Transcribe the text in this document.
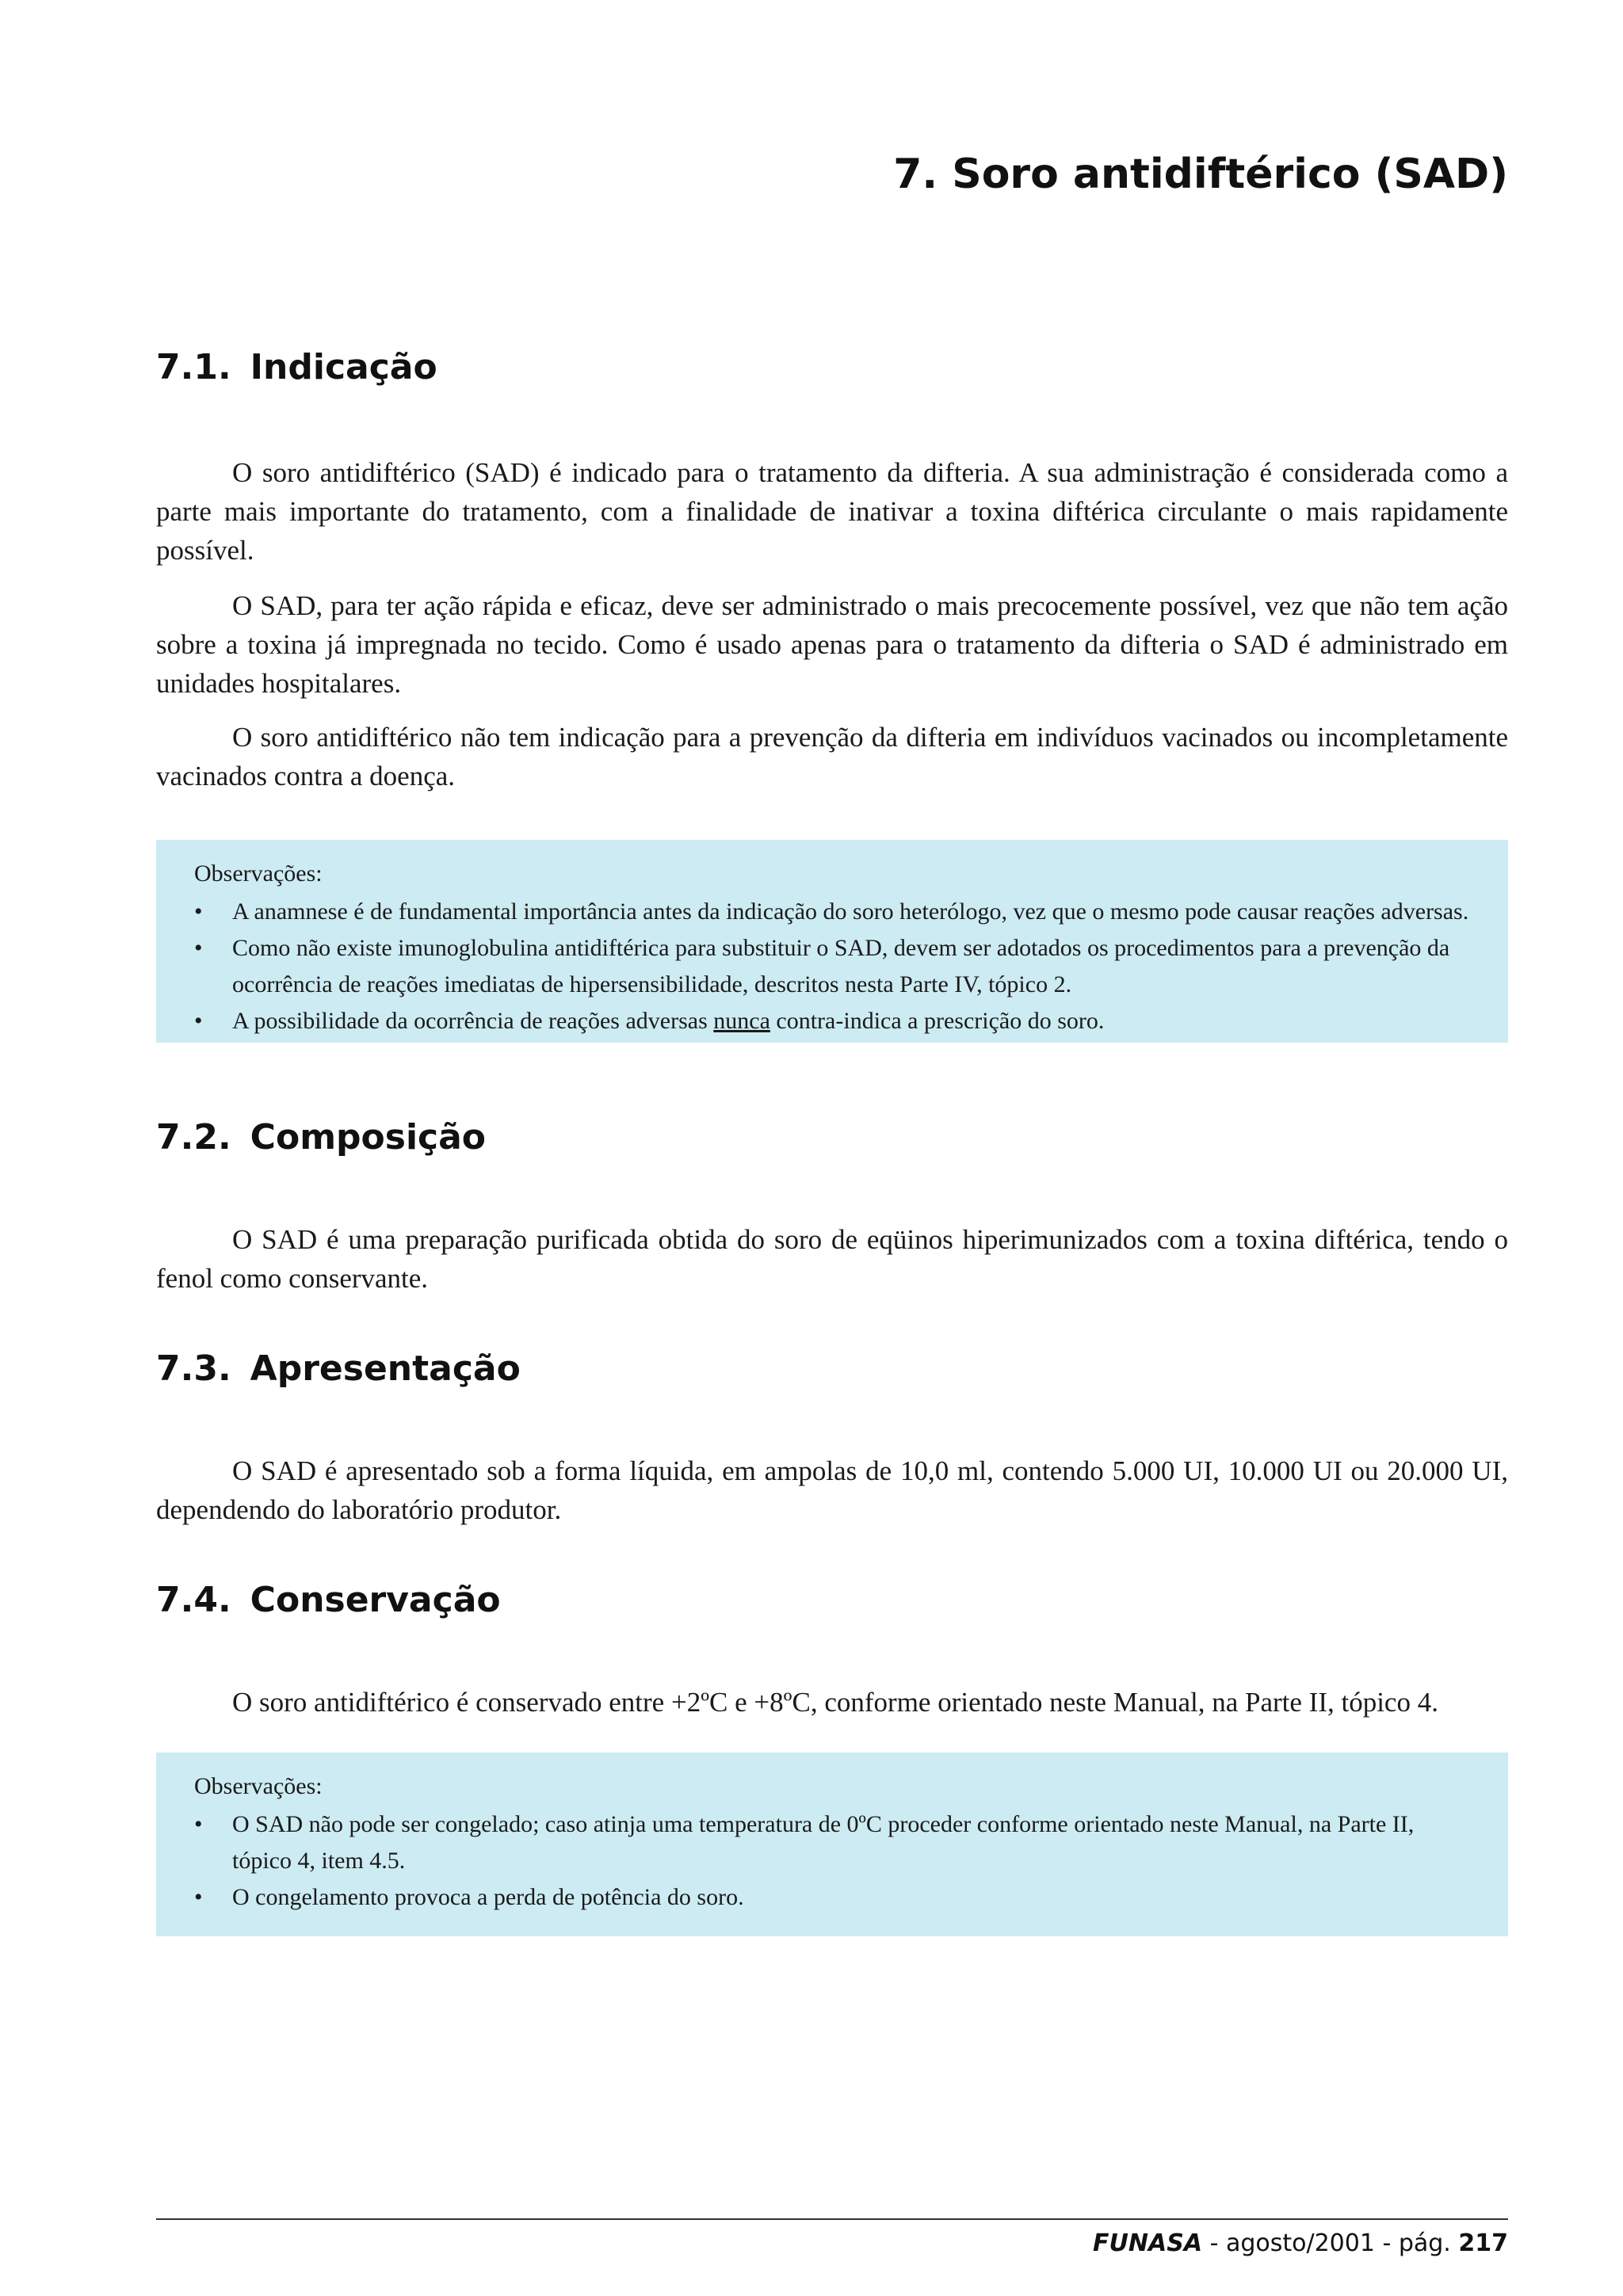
7. Soro antidiftérico (SAD)
7.1. Indicação

O soro antidiftérico (SAD) é indicado para o tratamento da difteria. A sua administração é considerada como a parte mais importante do tratamento, com a finalidade de inativar a toxina diftérica circulante o mais rapidamente possível.

O SAD, para ter ação rápida e eficaz, deve ser administrado o mais precocemente possível, vez que não tem ação sobre a toxina já impregnada no tecido. Como é usado apenas para o tratamento da difteria o SAD é administrado em unidades hospitalares.

O soro antidiftérico não tem indicação para a prevenção da difteria em indivíduos vacinados ou incompletamente vacinados contra a doença.

Observações:

• A anamnese é de fundamental importância antes da indicação do soro heterólogo, vez que o mesmo pode causar reações adversas.
• Como não existe imunoglobulina antidiftérica para substituir o SAD, devem ser adotados os procedimentos para a prevenção da ocorrência de reações imediatas de hipersensibilidade, descritos nesta Parte IV, tópico 2.
• A possibilidade da ocorrência de reações adversas nunca contra-indica a prescrição do soro.
7.2. Composição

O SAD é uma preparação purificada obtida do soro de eqüinos hiperimunizados com a toxina diftérica, tendo o fenol como conservante.

7.3. Apresentação

O SAD é apresentado sob a forma líquida, em ampolas de 10,0 ml, contendo 5.000 UI, 10.000 UI ou 20.000 UI, dependendo do laboratório produtor.

7.4. Conservação

O soro antidiftérico é conservado entre +2ºC e +8ºC, conforme orientado neste Manual, na Parte II, tópico 4.

Observações:

• O SAD não pode ser congelado; caso atinja uma temperatura de 0ºC proceder conforme orientado neste Manual, na Parte II, tópico 4, item 4.5.
• O congelamento provoca a perda de potência do soro.
FUNASA - agosto/2001 - pág. 217
